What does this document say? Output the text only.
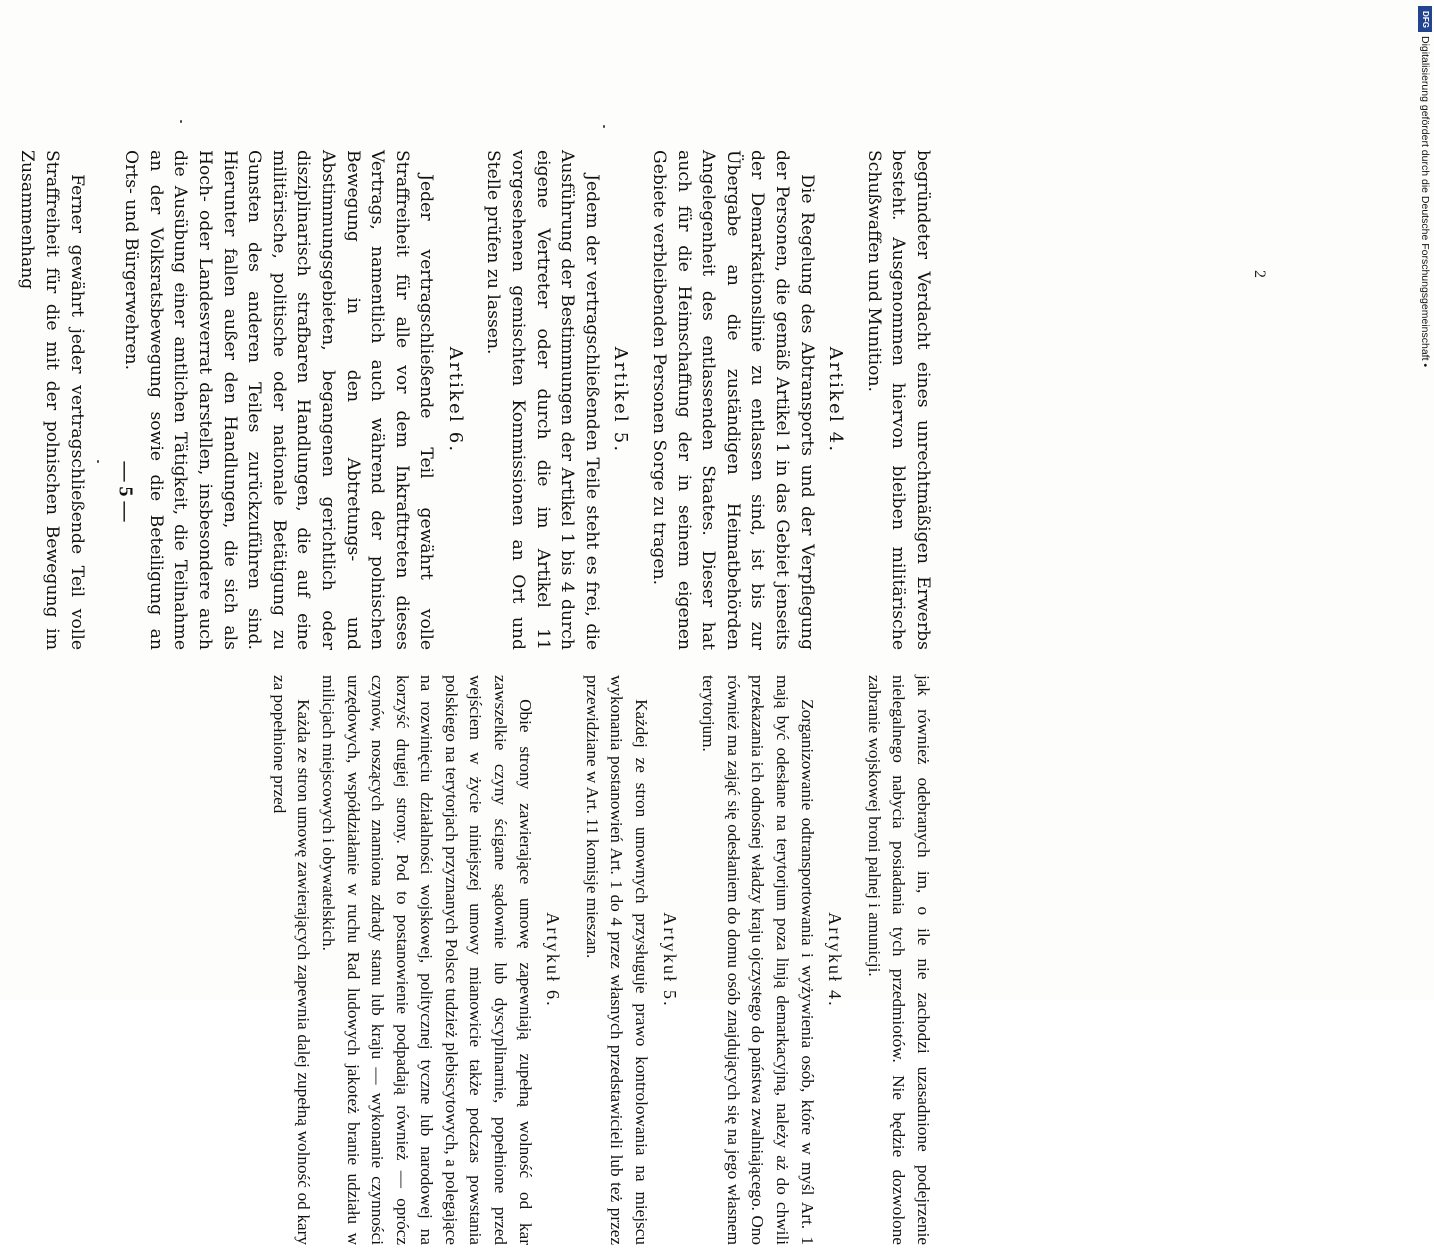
begründeter Verdacht eines unrechtmäßigen Erwerbs besteht. Ausgenommen hiervon bleiben militärische Schußwaffen und Munition.

Artikel 4.

Die Regelung des Abtransports und der Verpflegung der Personen, die gemäß Artikel 1 in das Gebiet jenseits der Demarkationslinie zu entlassen sind, ist bis zur Übergabe an die zuständigen Heimatbehörden Angelegenheit des entlassenden Staates. Dieser hat auch für die Heimschaffung der in seinem eigenen Gebiete verbleibenden Personen Sorge zu tragen.

Artikel 5.

Jedem der vertragschließenden Teile steht es frei, die Ausführung der Bestimmungen der Artikel 1 bis 4 durch eigene Vertreter oder durch die im Artikel 11 vorgesehenen gemischten Kommissionen an Ort und Stelle prüfen zu lassen.

Artikel 6.

Jeder vertragschließende Teil gewährt volle Straffreiheit für alle vor dem Inkrafttreten dieses Vertrags, namentlich auch während der polnischen Bewegung in den Abtretungs- und Abstimmungsgebieten, begangenen gerichtlich oder disziplinarisch strafbaren Handlungen, die auf eine militärische, politische oder nationale Betätigung zu Gunsten des anderen Teiles zurückzuführen sind. Hierunter fallen außer den Handlungen, die sich als Hoch- oder Landesverrat darstellen, insbesondere auch die Ausübung einer amtlichen Tätigkeit, die Teilnahme an der Volksratsbewegung sowie die Beteiligung an Orts- und Bürgerwehren.

Ferner gewährt jeder vertragschließende Teil volle Straffreiheit für die mit der polnischen Bewegung im Zusammenhang

jak również odebranych im, o ile nie zachodzi uzasadnione podejrzenie nielegalnego nabycia posiadania tych przedmiotów. Nie będzie dozwolone zabranie wojskowej broni palnej i amunicji.

Artykuł 4.

Zorganizowanie odtransportowania i wyżywienia osób, które w myśl Art. 1 mają być odesłane na terytorjum poza linją demarkacyjną, należy aż do chwili przekazania ich odnośnej władzy kraju ojczystego do państwa zwalniającego. Ono również ma zająć się odesłaniem do domu osób znajdujących się na jego własnem terytorjum.

Artykuł 5.

Każdej ze stron umownych przysługuje prawo kontrolowania na miejscu wykonania postanowień Art. 1 do 4 przez własnych przedstawicieli lub też przez przewidziane w Art. 11 komisje mieszan.

Artykuł 6.

Obie strony zawierające umowę zapewniają zupełną wolność od kar zawszelkie czyny ścigane sądownie lub dyscyplinarnie, popełnione przed wejściem w życie niniejszej umowy mianowicie także podczas powstania polskiego na terytorjach przyznanych Polsce tudzież plebiscytowych, a polegające na rozwinięciu działalności wojskowej, politycznej tyczne lub narodowej na korzyść drugiej strony. Pod to postanowienie podpadają również — oprócz czynów, noszących znamiona zdrady stanu lub kraju — wykonanie czynności urzędowych, współdziałanie w ruchu Rad ludowych jakoteż branie udziału w milicjach miejscowych i obywatelskich.

Każda ze stron umowę zawierających zapewnia dalej zupełną wolność od kary za popełnione przed

— 5 —
2
DFG
Digitalisierung gefördert durch die Deutsche Forschungsgemeinschaft •
